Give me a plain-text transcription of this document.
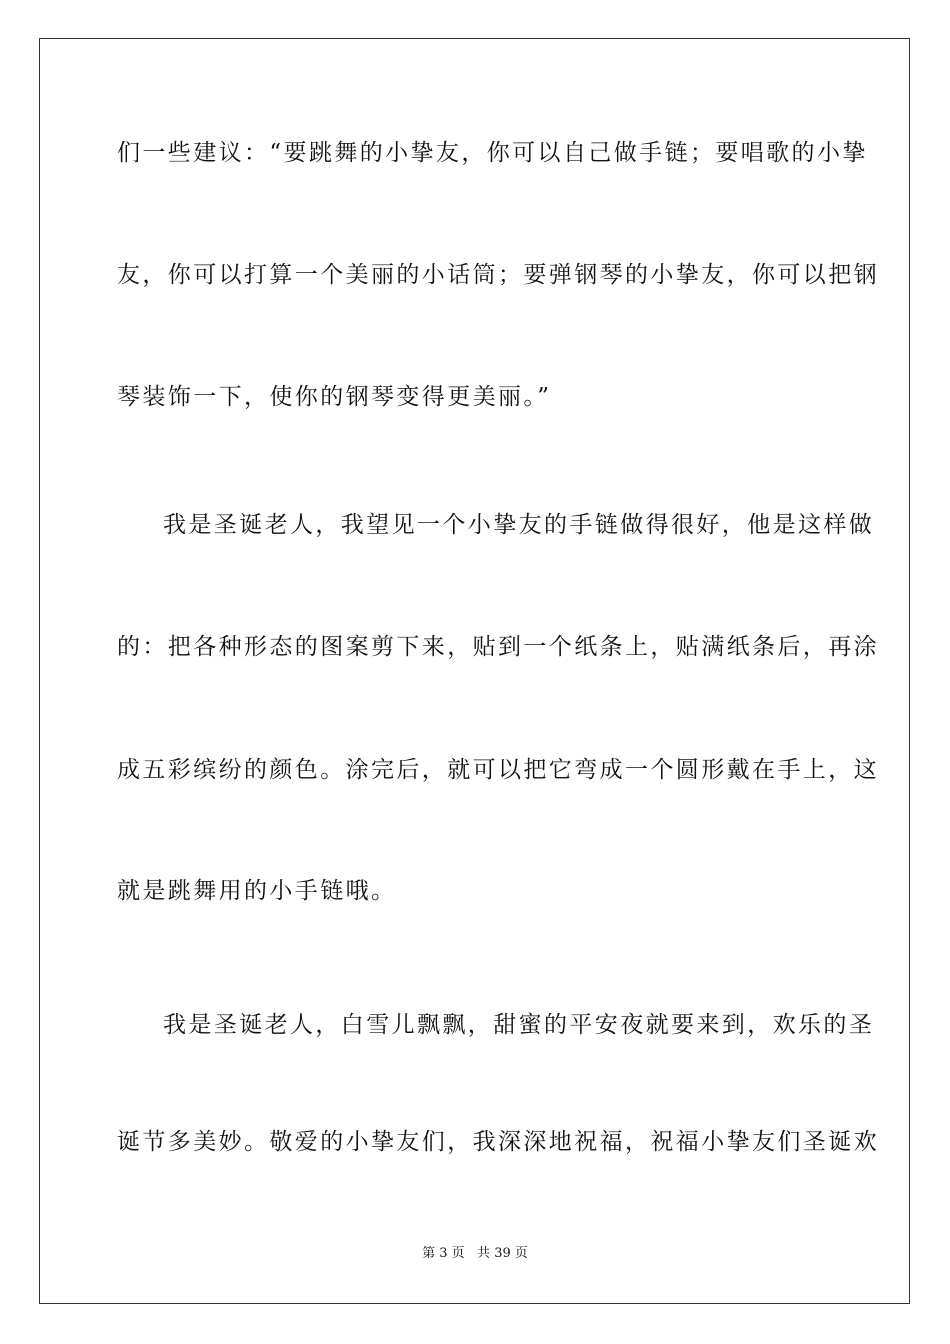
们一些建议：“要跳舞的小挚友，你可以自己做手链；要唱歌的小挚
友，你可以打算一个美丽的小话筒；要弹钢琴的小挚友，你可以把钢
琴装饰一下，使你的钢琴变得更美丽。”
我是圣诞老人，我望见一个小挚友的手链做得很好，他是这样做
的：把各种形态的图案剪下来，贴到一个纸条上，贴满纸条后，再涂
成五彩缤纷的颜色。涂完后，就可以把它弯成一个圆形戴在手上，这
就是跳舞用的小手链哦。
我是圣诞老人，白雪儿飘飘，甜蜜的平安夜就要来到，欢乐的圣
诞节多美妙。敬爱的小挚友们，我深深地祝福，祝福小挚友们圣诞欢
第 3 页   共 39 页
